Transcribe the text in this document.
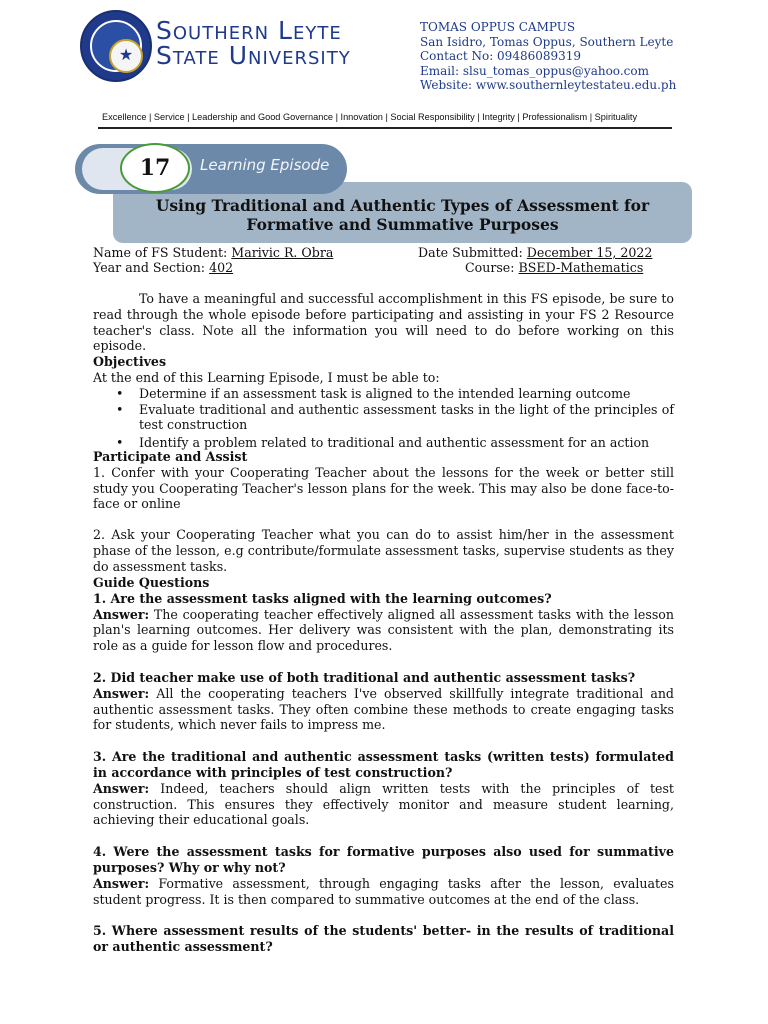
★
Southern Leyte
State University
TOMAS OPPUS CAMPUS
San Isidro, Tomas Oppus, Southern Leyte
Contact No: 09486089319
Email: slsu_tomas_oppus@yahoo.com
Website: www.southernleytestateu.edu.ph
Excellence | Service | Leadership and Good Governance | Innovation | Social Responsibility | Integrity | Professionalism | Spirituality
17	Learning Episode
Using Traditional and Authentic Types of Assessment for
Formative and Summative Purposes
Name of FS Student: Marivic R. Obra	Date Submitted: December 15, 2022
Year and Section: 402	Course: BSED-Mathematics

To have a meaningful and successful accomplishment in this FS episode, be sure to read through the whole episode before participating and assisting in your FS 2 Resource teacher's class. Note all the information you will need to do before working on this episode.

Objectives

At the end of this Learning Episode, I must be able to:

• Determine if an assessment task is aligned to the intended learning outcome
• Evaluate traditional and authentic assessment tasks in the light of the principles of test construction
• Identify a problem related to traditional and authentic assessment for an action

Participate and Assist

1. Confer with your Cooperating Teacher about the lessons for the week or better still study you Cooperating Teacher's lesson plans for the week. This may also be done face-to-face or online

2. Ask your Cooperating Teacher what you can do to assist him/her in the assessment phase of the lesson, e.g contribute/formulate assessment tasks, supervise students as they do assessment tasks.

Guide Questions

1. Are the assessment tasks aligned with the learning outcomes?

Answer: The cooperating teacher effectively aligned all assessment tasks with the lesson plan's learning outcomes. Her delivery was consistent with the plan, demonstrating its role as a guide for lesson flow and procedures.

2. Did teacher make use of both traditional and authentic assessment tasks?

Answer: All the cooperating teachers I've observed skillfully integrate traditional and authentic assessment tasks. They often combine these methods to create engaging tasks for students, which never fails to impress me.

3. Are the traditional and authentic assessment tasks (written tests) formulated in accordance with principles of test construction?

Answer: Indeed, teachers should align written tests with the principles of test construction. This ensures they effectively monitor and measure student learning, achieving their educational goals.

4. Were the assessment tasks for formative purposes also used for summative purposes? Why or why not?

Answer: Formative assessment, through engaging tasks after the lesson, evaluates student progress. It is then compared to summative outcomes at the end of the class.

5. Where assessment results of the students' better- in the results of traditional or authentic assessment?
